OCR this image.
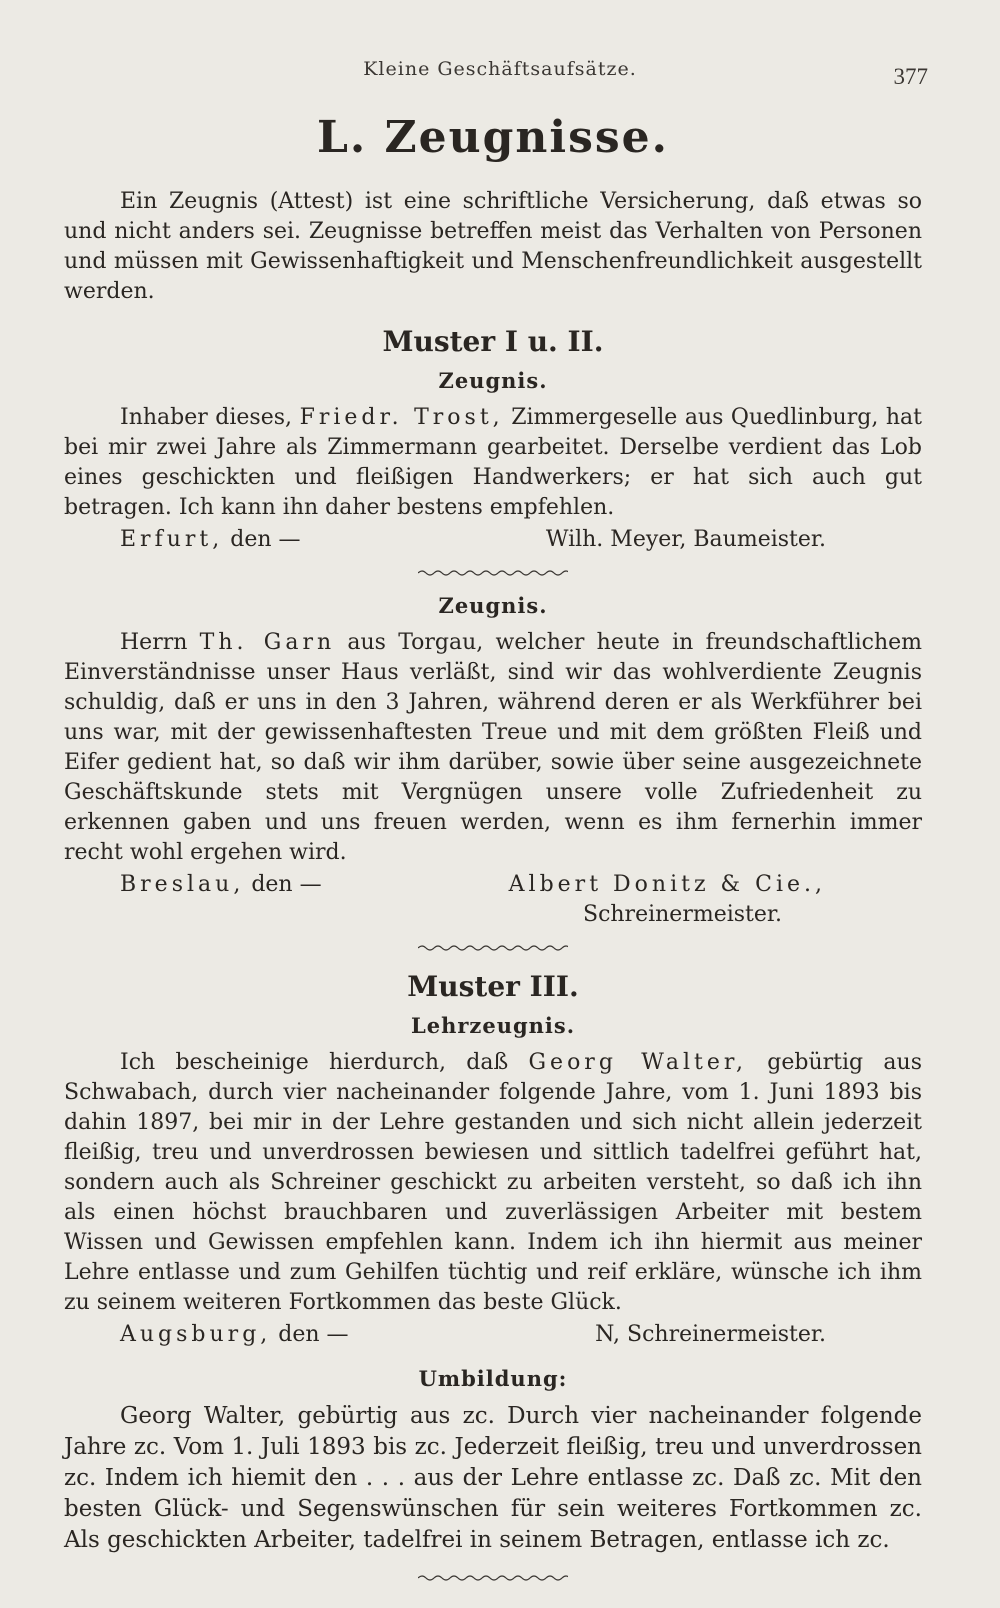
Kleine Geschäftsaufsätze.	377
L. Zeugnisse.

Ein Zeugnis (Attest) ist eine schriftliche Versicherung, daß etwas so und nicht anders sei. Zeugnisse betreffen meist das Verhalten von Personen und müssen mit Gewissenhaftigkeit und Menschenfreundlichkeit ausgestellt werden.

Muster I u. II.
Zeugnis.

Inhaber dieses, Friedr. Trost, Zimmergeselle aus Quedlinburg, hat bei mir zwei Jahre als Zimmermann gearbeitet. Derselbe verdient das Lob eines geschickten und fleißigen Handwerkers; er hat sich auch gut betragen. Ich kann ihn daher bestens empfehlen.

Erfurt, den —	Wilh. Meyer, Baumeister.
Zeugnis.

Herrn Th. Garn aus Torgau, welcher heute in freundschaftlichem Einverständnisse unser Haus verläßt, sind wir das wohlverdiente Zeugnis schuldig, daß er uns in den 3 Jahren, während deren er als Werkführer bei uns war, mit der gewissenhaftesten Treue und mit dem größten Fleiß und Eifer gedient hat, so daß wir ihm darüber, sowie über seine ausgezeichnete Geschäftskunde stets mit Vergnügen unsere volle Zufriedenheit zu erkennen gaben und uns freuen werden, wenn es ihm fernerhin immer recht wohl ergehen wird.

Breslau, den —	Albert Donitz & Cie.,
Schreinermeister.
Muster III.
Lehrzeugnis.

Ich bescheinige hierdurch, daß Georg Walter, gebürtig aus Schwabach, durch vier nacheinander folgende Jahre, vom 1. Juni 1893 bis dahin 1897, bei mir in der Lehre gestanden und sich nicht allein jederzeit fleißig, treu und unverdrossen bewiesen und sittlich tadelfrei geführt hat, sondern auch als Schreiner geschickt zu arbeiten versteht, so daß ich ihn als einen höchst brauchbaren und zuverlässigen Arbeiter mit bestem Wissen und Gewissen empfehlen kann. Indem ich ihn hiermit aus meiner Lehre entlasse und zum Gehilfen tüchtig und reif erkläre, wünsche ich ihm zu seinem weiteren Fortkommen das beste Glück.

Augsburg, den —	N, Schreinermeister.
Umbildung:

Georg Walter, gebürtig aus zc. Durch vier nacheinander folgende Jahre zc. Vom 1. Juli 1893 bis zc. Jederzeit fleißig, treu und unverdrossen zc. Indem ich hiemit den . . . aus der Lehre entlasse zc. Daß zc. Mit den besten Glück- und Segenswünschen für sein weiteres Fortkommen zc. Als geschickten Arbeiter, tadelfrei in seinem Betragen, entlasse ich zc.
